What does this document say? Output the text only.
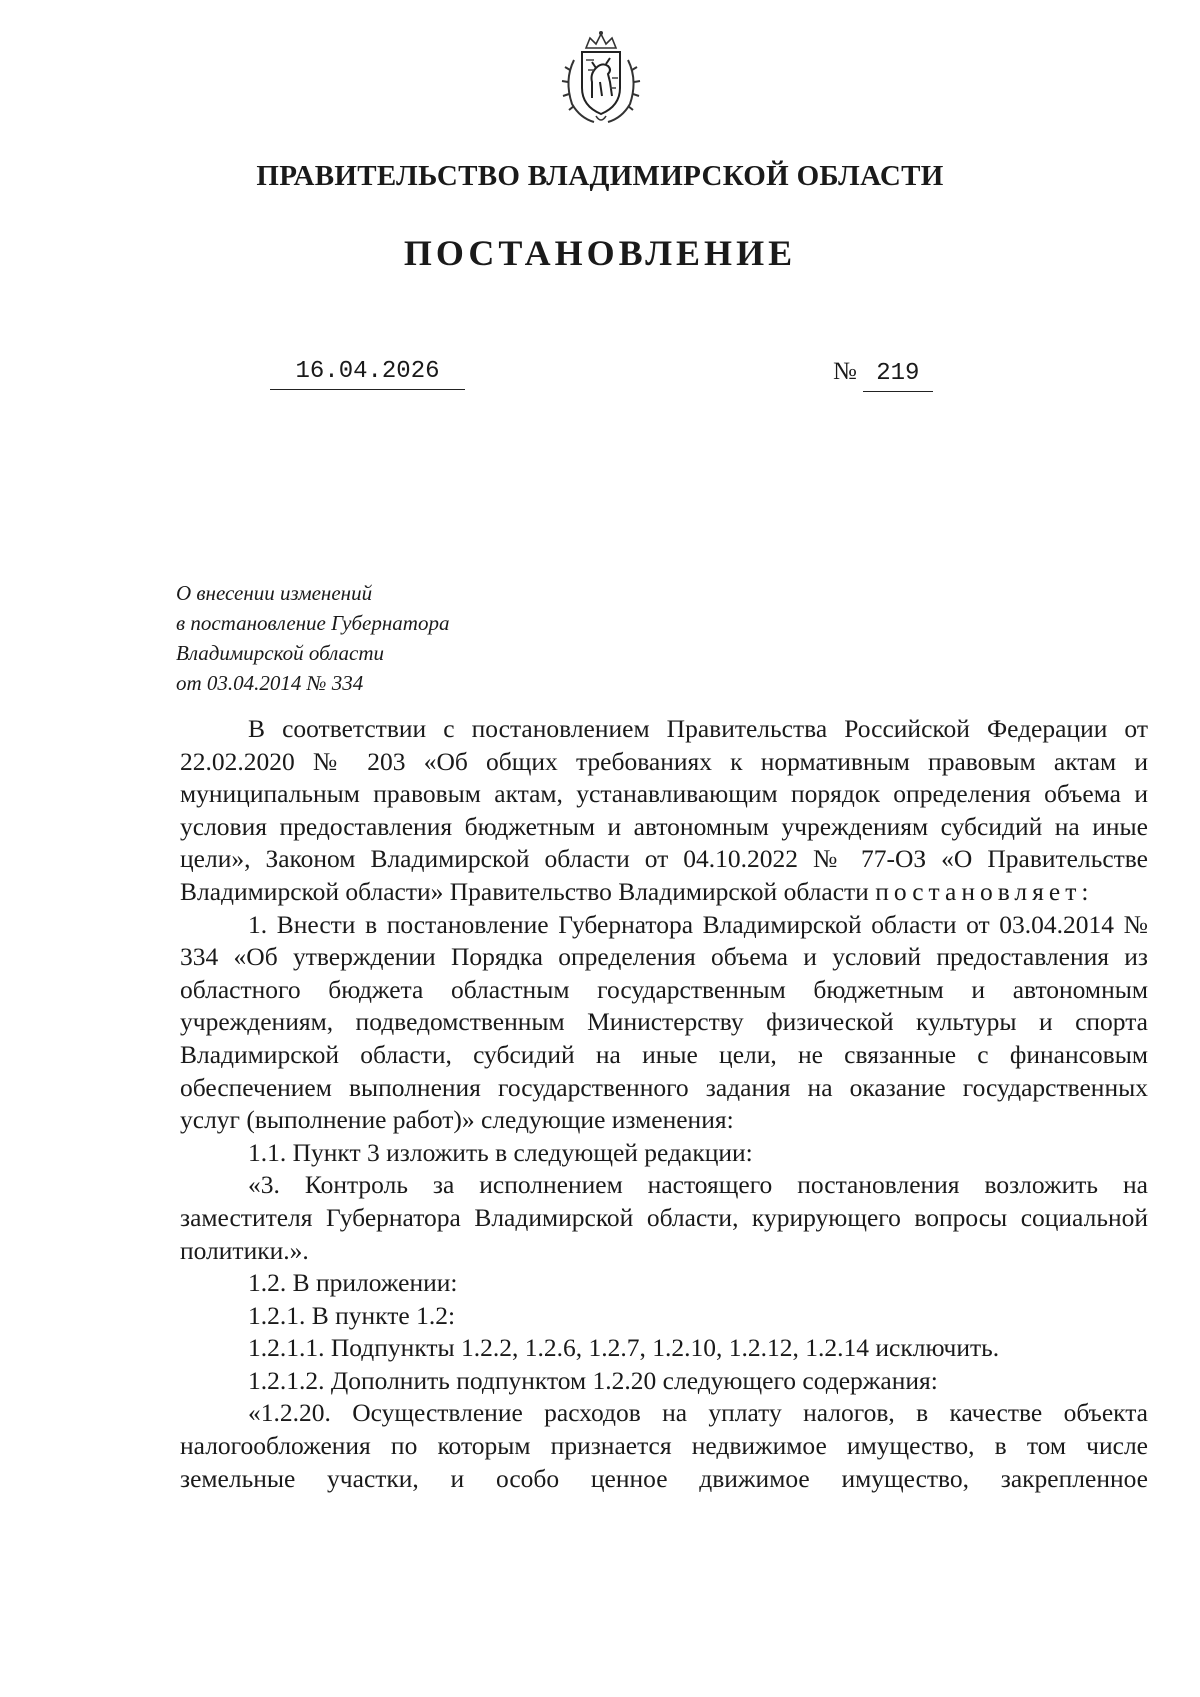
ПРАВИТЕЛЬСТВО ВЛАДИМИРСКОЙ ОБЛАСТИ
ПОСТАНОВЛЕНИЕ
16.04.2026	№ 219
О внесении изменений
в постановление Губернатора
Владимирской области
от 03.04.2014 № 334

В соответствии с постановлением Правительства Российской Федерации от 22.02.2020 № 203 «Об общих требованиях к нормативным правовым актам и муниципальным правовым актам, устанавливающим порядок определения объема и условия предоставления бюджетным и автономным учреждениям субсидий на иные цели», Законом Владимирской области от 04.10.2022 № 77-ОЗ «О Правительстве Владимирской области» Правительство Владимирской области постановляет:

1. Внести в постановление Губернатора Владимирской области от 03.04.2014 № 334 «Об утверждении Порядка определения объема и условий предоставления из областного бюджета областным государственным бюджетным и автономным учреждениям, подведомственным Министерству физической культуры и спорта Владимирской области, субсидий на иные цели, не связанные с финансовым обеспечением выполнения государственного задания на оказание государственных услуг (выполнение работ)» следующие изменения:

1.1. Пункт 3 изложить в следующей редакции:

«3. Контроль за исполнением настоящего постановления возложить на заместителя Губернатора Владимирской области, курирующего вопросы социальной политики.».

1.2. В приложении:

1.2.1. В пункте 1.2:

1.2.1.1. Подпункты 1.2.2, 1.2.6, 1.2.7, 1.2.10, 1.2.12, 1.2.14 исключить.

1.2.1.2. Дополнить подпунктом 1.2.20 следующего содержания:

«1.2.20. Осуществление расходов на уплату налогов, в качестве объекта налогообложения по которым признается недвижимое имущество, в том числе земельные участки, и особо ценное движимое имущество, закрепленное
